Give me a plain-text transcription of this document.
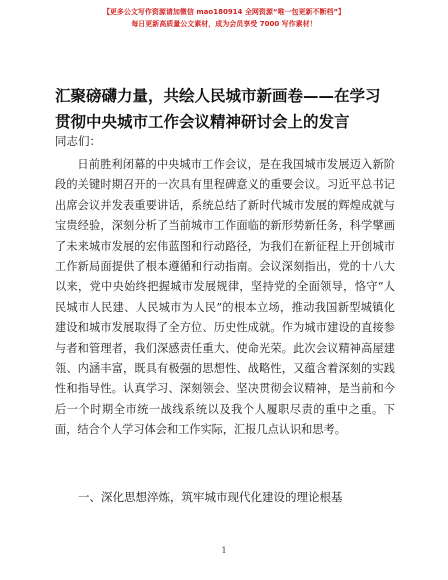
【更多公文写作资源请加微信 mao180914 全网资源“唯一包更新不断档”】
每日更新高质量公文素材，成为会员享受 7000 写作素材！
汇聚磅礴力量，共绘人民城市新画卷——在学习贯彻中央城市工作会议精神研讨会上的发言
同志们：

日前胜利闭幕的中央城市工作会议，是在我国城市发展迈入新阶段的关键时期召开的一次具有里程碑意义的重要会议。习近平总书记出席会议并发表重要讲话，系统总结了新时代城市发展的辉煌成就与宝贵经验，深刻分析了当前城市工作面临的新形势新任务，科学擘画了未来城市发展的宏伟蓝图和行动路径，为我们在新征程上开创城市工作新局面提供了根本遵循和行动指南。会议深刻指出，党的十八大以来，党中央始终把握城市发展规律，坚持党的全面领导，恪守“人民城市人民建、人民城市为人民”的根本立场，推动我国新型城镇化建设和城市发展取得了全方位、历史性成就。作为城市建设的直接参与者和管理者，我们深感责任重大、使命光荣。此次会议精神高屋建瓴、内涵丰富，既具有极强的思想性、战略性，又蕴含着深刻的实践性和指导性。认真学习、深刻领会、坚决贯彻会议精神，是当前和今后一个时期全市统一战线系统以及我个人履职尽责的重中之重。下面，结合个人学习体会和工作实际，汇报几点认识和思考。

一、深化思想淬炼，筑牢城市现代化建设的理论根基
1
